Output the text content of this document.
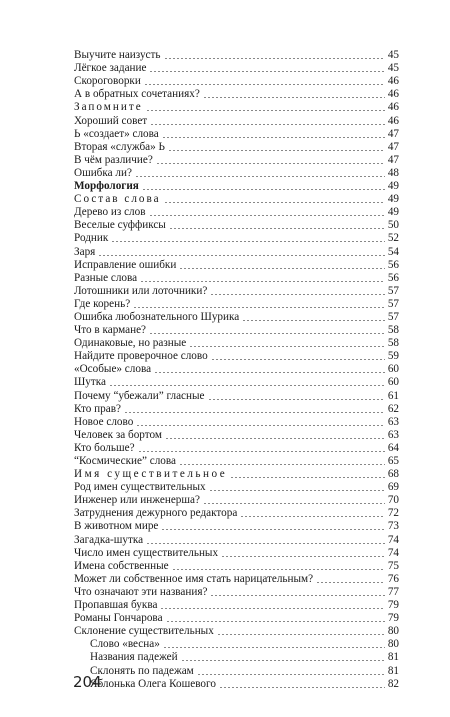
Выучите наизусть	45
Лёгкое задание	45
Скороговорки	46
А в обратных сочетаниях?	46
Запомните	46
Хороший совет	46
Ь «создает» слова	47
Вторая «служба» Ь	47
В чём различие?	47
Ошибка ли?	48
Морфология	49
Состав слова	49
Дерево из слов	49
Веселые суффиксы	50
Родник	52
Заря	54
Исправление ошибки	56
Разные слова	56
Лотошники или лоточники?	57
Где корень?	57
Ошибка любознательного Шурика	57
Что в кармане?	58
Одинаковые, но разные	58
Найдите проверочное слово	59
«Особые» слова	60
Шутка	60
Почему “убежали” гласные	61
Кто прав?	62
Новое слово	63
Человек за бортом	63
Кто больше?	64
“Космические” слова	65
Имя существительное	68
Род имен существительных	69
Инженер или инженерша?	70
Затруднения дежурного редактора	72
В животном мире	73
Загадка-шутка	74
Число имен существительных	74
Имена собственные	75
Может ли собственное имя стать нарицательным?	76
Что означают эти названия?	77
Пропавшая буква	79
Романы Гончарова	79
Склонение существительных	80
Слово «весна»	80
Названия падежей	81
Склонять по падежам	81
Яблонька Олега Кошевого	82
204
